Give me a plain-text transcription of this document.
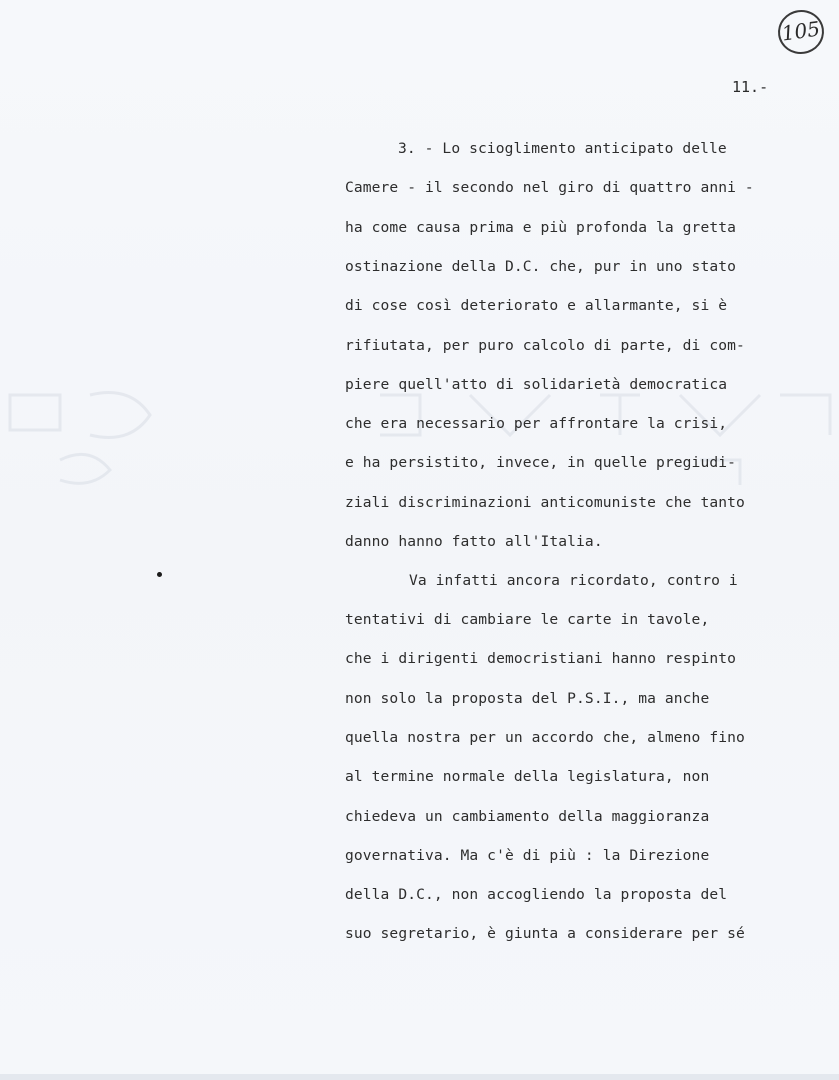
105
11.-
3. - Lo scioglimento anticipato delle
Camere - il secondo nel giro di quattro anni -
ha come causa prima e più profonda la gretta
ostinazione della D.C. che, pur in uno stato
di cose così deteriorato e allarmante, si è
rifiutata, per puro calcolo di parte, di com-
piere quell'atto di solidarietà democratica
che era necessario per affrontare la crisi,
e ha persistito, invece, in quelle pregiudi-
ziali discriminazioni anticomuniste che tanto
danno hanno fatto all'Italia.
Va infatti ancora ricordato, contro i
tentativi di cambiare le carte in tavole,
che i dirigenti democristiani hanno respinto
non solo la proposta del P.S.I., ma anche
quella nostra per un accordo che, almeno fino
al termine normale della legislatura, non
chiedeva un cambiamento della maggioranza
governativa. Ma c'è di più : la Direzione
della D.C., non accogliendo la proposta del
suo segretario, è giunta a considerare per sé
